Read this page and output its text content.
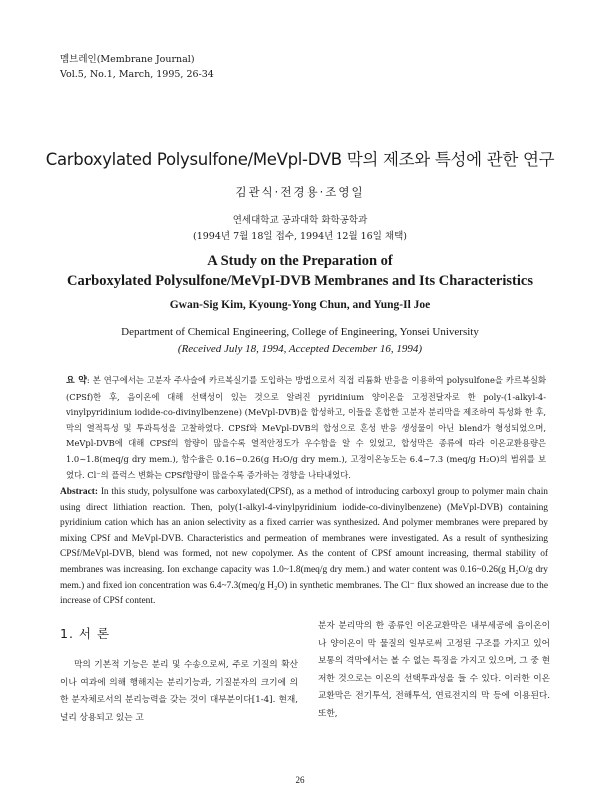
멤브레인(Membrane Journal)
Vol.5, No.1, March, 1995, 26-34
Carboxylated Polysulfone/MeVpl-DVB 막의 제조와 특성에 관한 연구
김관식·전경용·조영일
연세대학교 공과대학 화학공학과
(1994년 7월 18일 접수, 1994년 12월 16일 채택)
A Study on the Preparation of
Carboxylated Polysulfone/MeVpI-DVB Membranes and Its Characteristics
Gwan-Sig Kim, Kyoung-Yong Chun, and Yung-Il Joe
Department of Chemical Engineering, College of Engineering, Yonsei University
(Received July 18, 1994, Accepted December 16, 1994)
요 약: 본 연구에서는 고분자 주사슬에 카르복실기를 도입하는 방법으로서 직접 리튬화 반응을 이용하여 polysulfone을 카르복실화(CPSf)한 후, 음이온에 대해 선택성이 있는 것으로 알려진 pyridinium 양이온을 고정전달자로 한 poly-(1-alkyl-4-vinylpyridinium iodide-co-divinylbenzene) (MeVpl-DVB)을 합성하고, 이들을 혼합한 고분자 분리막을 제조하여 특성화 한 후, 막의 열적특성 및 투과특성을 고찰하였다. CPSf와 MeVpl-DVB의 합성으로 혼성 반응 생성물이 아닌 blend가 형성되었으며, MeVpl-DVB에 대해 CPSf의 함량이 많을수록 열적안정도가 우수함을 알 수 있었고, 합성막은 종류에 따라 이온교환용량은 1.0~1.8(meq/g dry mem.), 함수율은 0.16~0.26(g H₂O/g dry mem.), 고정이온농도는 6.4~7.3 (meq/g H₂O)의 범위를 보였다. Cl⁻의 플럭스 변화는 CPSf함량이 많을수록 증가하는 경향을 나타내었다.
Abstract: In this study, polysulfone was carboxylated(CPSf), as a method of introducing carboxyl group to polymer main chain using direct lithiation reaction. Then, poly(1-alkyl-4-vinylpyridinium iodide-co-divinylbenzene) (MeVpl-DVB) containing pyridinium cation which has an anion selectivity as a fixed carrier was synthesized. And polymer membranes were prepared by mixing CPSf and MeVpl-DVB. Characteristics and permeation of membranes were investigated. As a result of synthesizing CPSf/MeVpl-DVB, blend was formed, not new copolymer. As the content of CPSf amount increasing, thermal stability of membranes was increasing. Ion exchange capacity was 1.0~1.8(meq/g dry mem.) and water content was 0.16~0.26(g H₂O/g dry mem.) and fixed ion concentration was 6.4~7.3(meq/g H₂O) in synthetic membranes. The Cl⁻ flux showed an increase due to the increase of CPSf content.
1. 서 론
막의 기본적 기능은 분리 및 수송으로써, 주로 기질의 확산이나 여과에 의해 행해지는 분리기능과, 기질분자의 크기에 의한 분자체로서의 분리능력을 갖는 것이 대부분이다[1-4]. 현재, 널리 상용되고 있는 고
분자 분리막의 한 종류인 이온교환막은 내부세공에 음이온이나 양이온이 막 물질의 일부로써 고정된 구조를 가지고 있어 보통의 격막에서는 볼 수 없는 특징을 가지고 있으며, 그 중 현저한 것으로는 이온의 선택투과성을 들 수 있다. 이러한 이온교환막은 전기투석, 전해투석, 연료전지의 막 등에 이용된다. 또한,
26
